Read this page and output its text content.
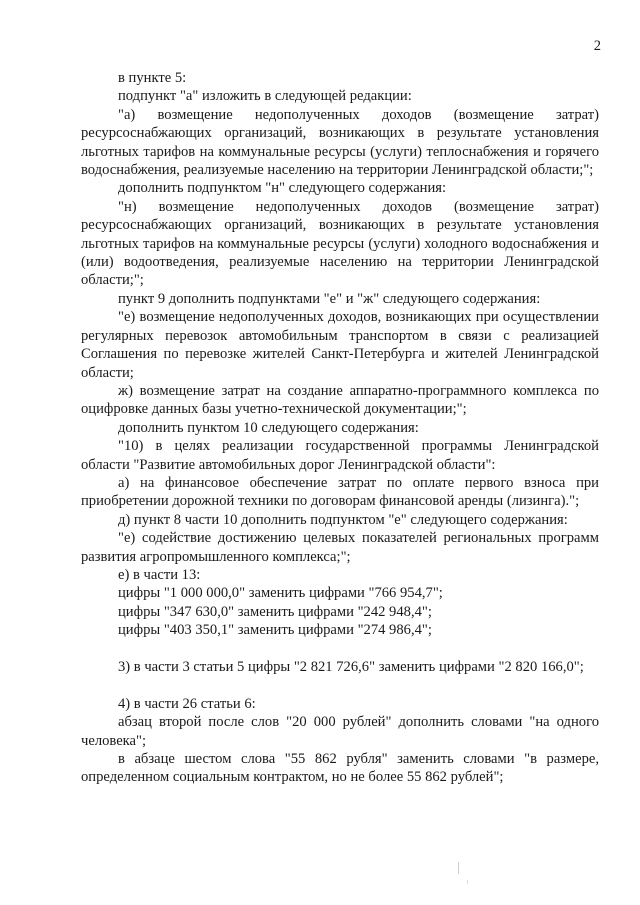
2

в пункте 5:

подпункт "а" изложить в следующей редакции:

"а) возмещение недополученных доходов (возмещение затрат) ресурсоснабжающих организаций, возникающих в результате установления льготных тарифов на коммунальные ресурсы (услуги) теплоснабжения и горячего водоснабжения, реализуемые населению на территории Ленинградской области;";

дополнить подпунктом "н" следующего содержания:

"н) возмещение недополученных доходов (возмещение затрат) ресурсоснабжающих организаций, возникающих в результате установления льготных тарифов на коммунальные ресурсы (услуги) холодного водоснабжения и (или) водоотведения, реализуемые населению на территории Ленинградской области;";

пункт 9 дополнить подпунктами "е" и "ж" следующего содержания:

"е) возмещение недополученных доходов, возникающих при осуществлении регулярных перевозок автомобильным транспортом в связи с реализацией Соглашения по перевозке жителей Санкт-Петербурга и жителей Ленинградской области;

ж) возмещение затрат на создание аппаратно-программного комплекса по оцифровке данных базы учетно-технической документации;";

дополнить пунктом 10 следующего содержания:

"10) в целях реализации государственной программы Ленинградской области "Развитие автомобильных дорог Ленинградской области":

а) на финансовое обеспечение затрат по оплате первого взноса при приобретении дорожной техники по договорам финансовой аренды (лизинга).";

д) пункт 8 части 10 дополнить подпунктом "е" следующего содержания:

"е) содействие достижению целевых показателей региональных программ развития агропромышленного комплекса;";

е) в части 13:

цифры "1 000 000,0" заменить цифрами "766 954,7";

цифры "347 630,0" заменить цифрами "242 948,4";

цифры "403 350,1" заменить цифрами "274 986,4";

3) в части 3 статьи 5 цифры "2 821 726,6" заменить цифрами "2 820 166,0";

4) в части 26 статьи 6:

абзац второй после слов "20 000 рублей" дополнить словами "на одного человека";

в абзаце шестом слова "55 862 рубля" заменить словами "в размере, определенном социальным контрактом, но не более 55 862 рублей";
